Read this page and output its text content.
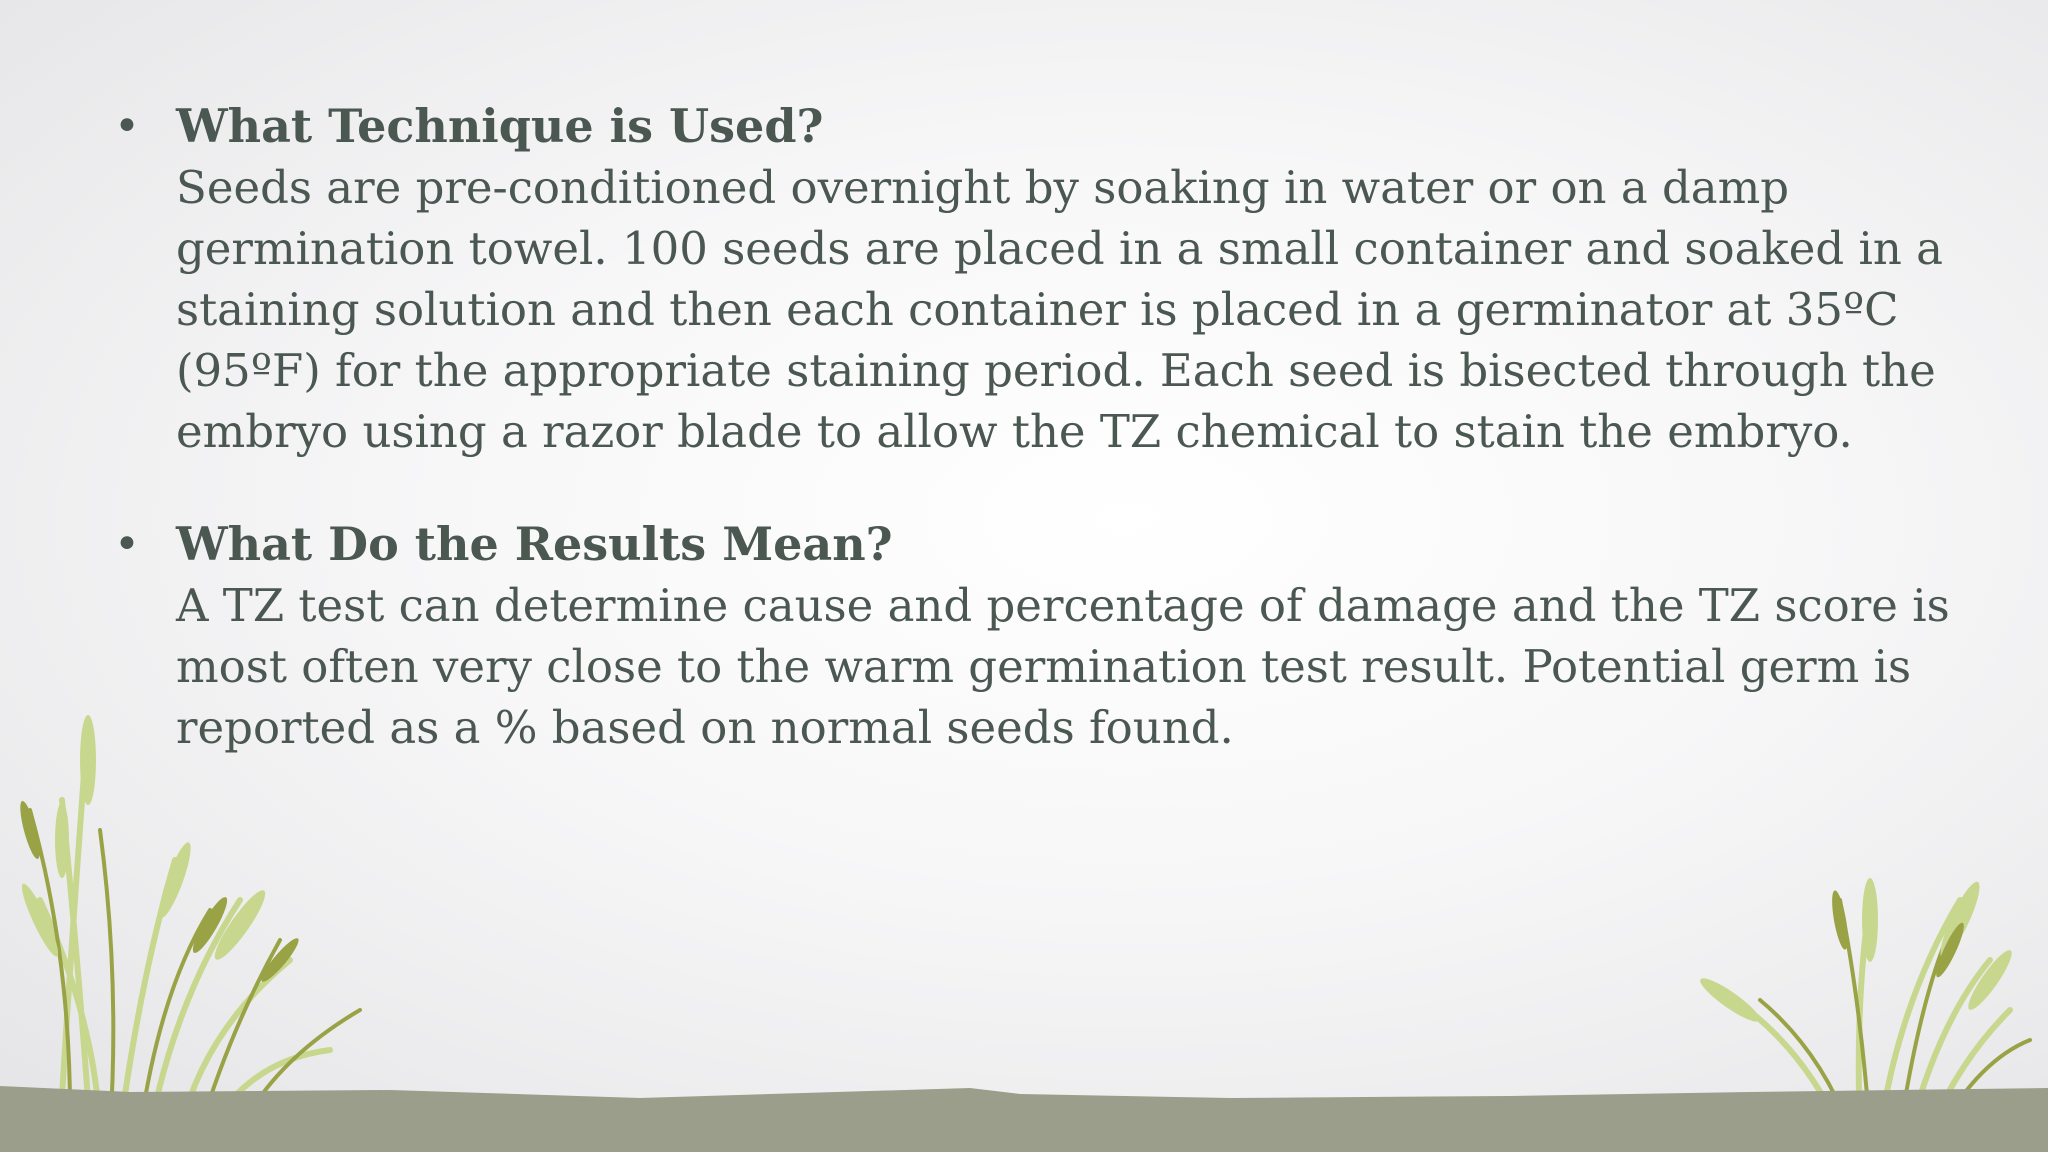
• What Technique is Used?
Seeds are pre-conditioned overnight by soaking in water or on a damp
germination towel. 100 seeds are placed in a small container and soaked in a
staining solution and then each container is placed in a germinator at 35ºC
(95ºF) for the appropriate staining period. Each seed is bisected through the
embryo using a razor blade to allow the TZ chemical to stain the embryo.
• What Do the Results Mean?
A TZ test can determine cause and percentage of damage and the TZ score is
most often very close to the warm germination test result. Potential germ is
reported as a % based on normal seeds found.
